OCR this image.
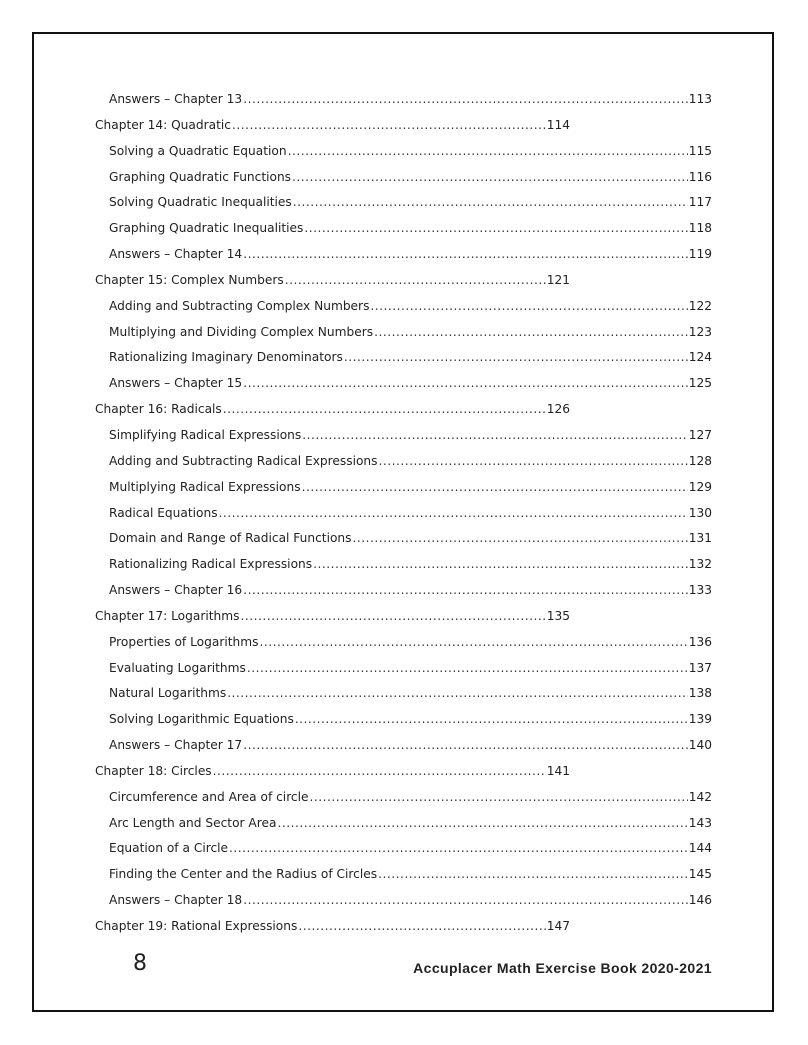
Answers – Chapter 13 .....	113
Chapter 14: Quadratic .....	114
Solving a Quadratic Equation .....	115
Graphing Quadratic Functions .....	116
Solving Quadratic Inequalities .....	117
Graphing Quadratic Inequalities .....	118
Answers – Chapter 14 .....	119
Chapter 15: Complex Numbers .....	121
Adding and Subtracting Complex Numbers .....	122
Multiplying and Dividing Complex Numbers .....	123
Rationalizing Imaginary Denominators .....	124
Answers – Chapter 15 .....	125
Chapter 16: Radicals .....	126
Simplifying Radical Expressions .....	127
Adding and Subtracting Radical Expressions .....	128
Multiplying Radical Expressions .....	129
Radical Equations .....	130
Domain and Range of Radical Functions .....	131
Rationalizing Radical Expressions .....	132
Answers – Chapter 16 .....	133
Chapter 17: Logarithms .....	135
Properties of Logarithms .....	136
Evaluating Logarithms .....	137
Natural Logarithms .....	138
Solving Logarithmic Equations .....	139
Answers – Chapter 17 .....	140
Chapter 18: Circles .....	141
Circumference and Area of circle .....	142
Arc Length and Sector Area .....	143
Equation of a Circle .....	144
Finding the Center and the Radius of Circles .....	145
Answers – Chapter 18 .....	146
Chapter 19: Rational Expressions .....	147
8	Accuplacer Math Exercise Book 2020-2021
